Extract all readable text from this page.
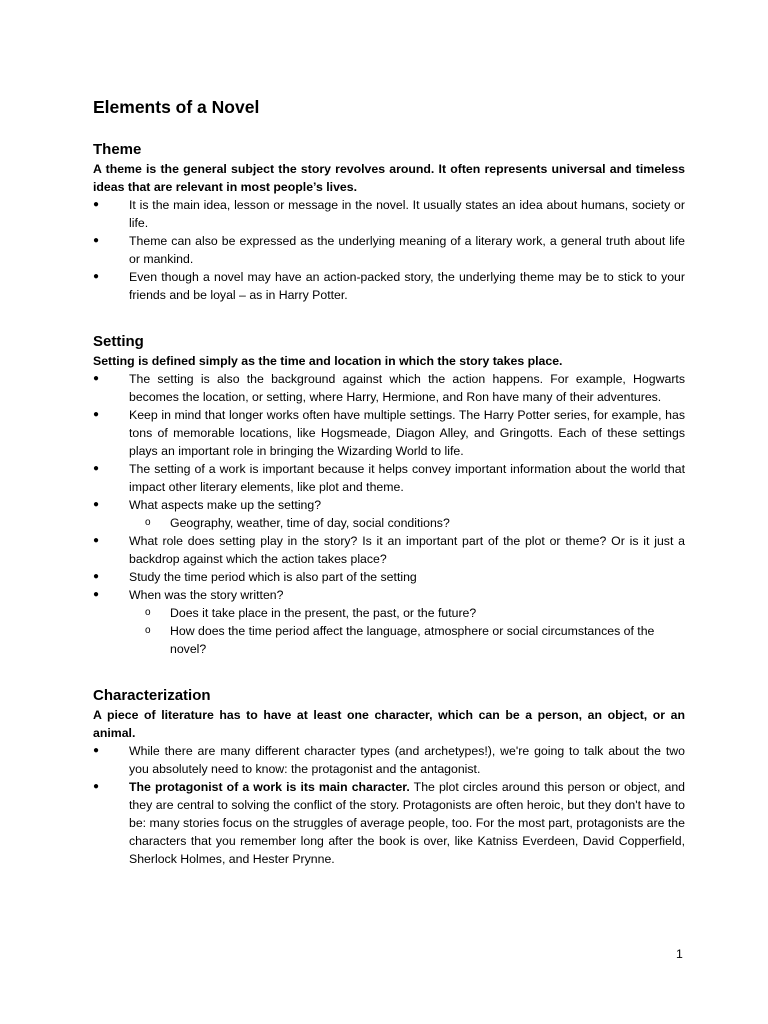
Elements of a Novel
Theme

A theme is the general subject the story revolves around. It often represents universal and timeless ideas that are relevant in most people’s lives.

●	It is the main idea, lesson or message in the novel. It usually states an idea about humans, society or life.
●	Theme can also be expressed as the underlying meaning of a literary work, a general truth about life or mankind.
●	Even though a novel may have an action-packed story, the underlying theme may be to stick to your friends and be loyal – as in Harry Potter.
Setting

Setting is defined simply as the time and location in which the story takes place.

●	The setting is also the background against which the action happens. For example, Hogwarts becomes the location, or setting, where Harry, Hermione, and Ron have many of their adventures.
●	Keep in mind that longer works often have multiple settings. The Harry Potter series, for example, has tons of memorable locations, like Hogsmeade, Diagon Alley, and Gringotts. Each of these settings plays an important role in bringing the Wizarding World to life.
●	The setting of a work is important because it helps convey important information about the world that impact other literary elements, like plot and theme.
●	What aspects make up the setting?
o Geography, weather, time of day, social conditions?
●	What role does setting play in the story? Is it an important part of the plot or theme? Or is it just a backdrop against which the action takes place?
●	Study the time period which is also part of the setting
●	When was the story written?
o Does it take place in the present, the past, or the future?
o How does the time period affect the language, atmosphere or social circumstances of the novel?
Characterization

A piece of literature has to have at least one character, which can be a person, an object, or an animal.

●	While there are many different character types (and archetypes!), we're going to talk about the two you absolutely need to know: the protagonist and the antagonist.
●	The protagonist of a work is its main character. The plot circles around this person or object, and they are central to solving the conflict of the story. Protagonists are often heroic, but they don't have to be: many stories focus on the struggles of average people, too. For the most part, protagonists are the characters that you remember long after the book is over, like Katniss Everdeen, David Copperfield, Sherlock Holmes, and Hester Prynne.
1
